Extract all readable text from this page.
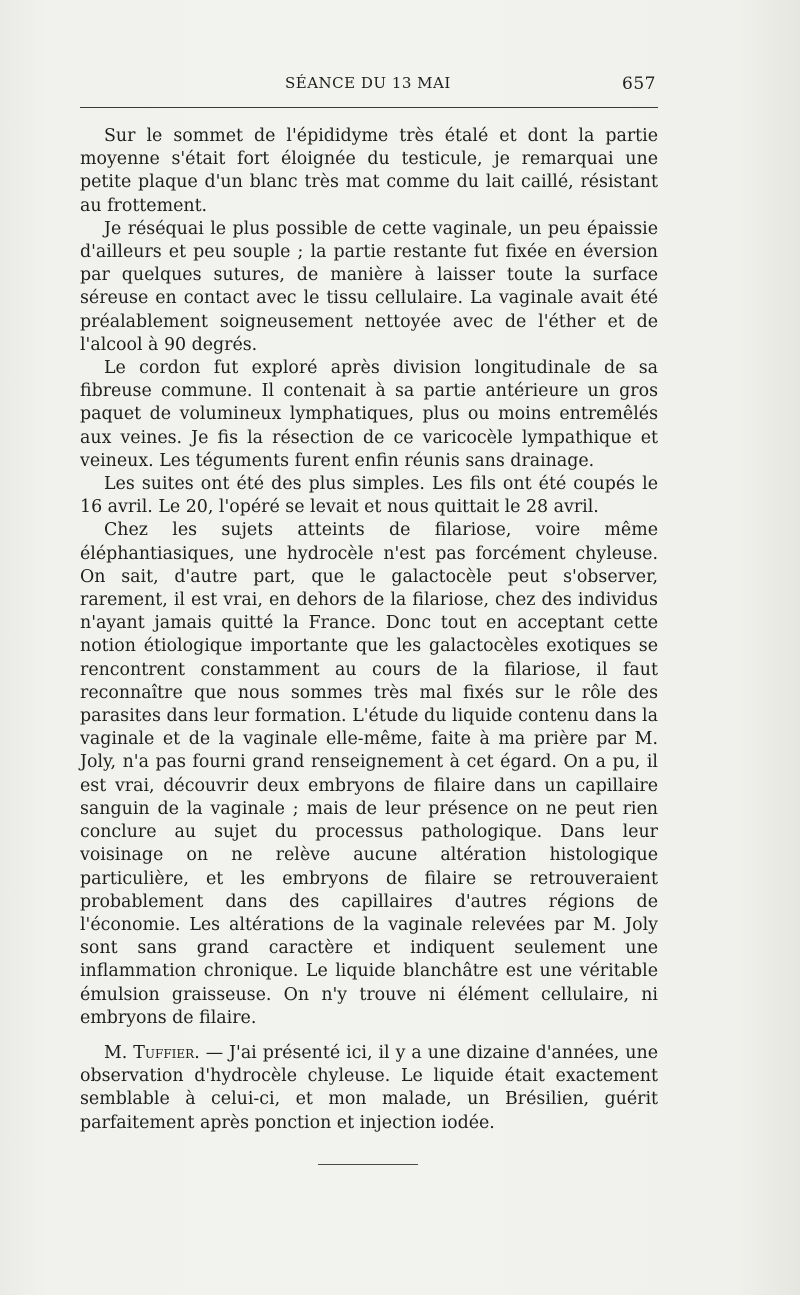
SÉANCE DU 13 MAI	657

Sur le sommet de l'épididyme très étalé et dont la partie moyenne s'était fort éloignée du testicule, je remarquai une petite plaque d'un blanc très mat comme du lait caillé, résistant au frottement.

Je réséquai le plus possible de cette vaginale, un peu épaissie d'ailleurs et peu souple ; la partie restante fut fixée en éversion par quelques sutures, de manière à laisser toute la surface séreuse en contact avec le tissu cellulaire. La vaginale avait été préalablement soigneusement nettoyée avec de l'éther et de l'alcool à 90 degrés.

Le cordon fut exploré après division longitudinale de sa fibreuse commune. Il contenait à sa partie antérieure un gros paquet de volumineux lymphatiques, plus ou moins entremêlés aux veines. Je fis la résection de ce varicocèle lympathique et veineux. Les téguments furent enfin réunis sans drainage.

Les suites ont été des plus simples. Les fils ont été coupés le 16 avril. Le 20, l'opéré se levait et nous quittait le 28 avril.

Chez les sujets atteints de filariose, voire même éléphantiasiques, une hydrocèle n'est pas forcément chyleuse. On sait, d'autre part, que le galactocèle peut s'observer, rarement, il est vrai, en dehors de la filariose, chez des individus n'ayant jamais quitté la France. Donc tout en acceptant cette notion étiologique importante que les galactocèles exotiques se rencontrent constamment au cours de la filariose, il faut reconnaître que nous sommes très mal fixés sur le rôle des parasites dans leur formation. L'étude du liquide contenu dans la vaginale et de la vaginale elle-même, faite à ma prière par M. Joly, n'a pas fourni grand renseignement à cet égard. On a pu, il est vrai, découvrir deux embryons de filaire dans un capillaire sanguin de la vaginale ; mais de leur présence on ne peut rien conclure au sujet du processus pathologique. Dans leur voisinage on ne relève aucune altération histologique particulière, et les embryons de filaire se retrouveraient probablement dans des capillaires d'autres régions de l'économie. Les altérations de la vaginale relevées par M. Joly sont sans grand caractère et indiquent seulement une inflammation chronique. Le liquide blanchâtre est une véritable émulsion graisseuse. On n'y trouve ni élément cellulaire, ni embryons de filaire.

M. Tuffier. — J'ai présenté ici, il y a une dizaine d'années, une observation d'hydrocèle chyleuse. Le liquide était exactement semblable à celui-ci, et mon malade, un Brésilien, guérit parfaitement après ponction et injection iodée.
